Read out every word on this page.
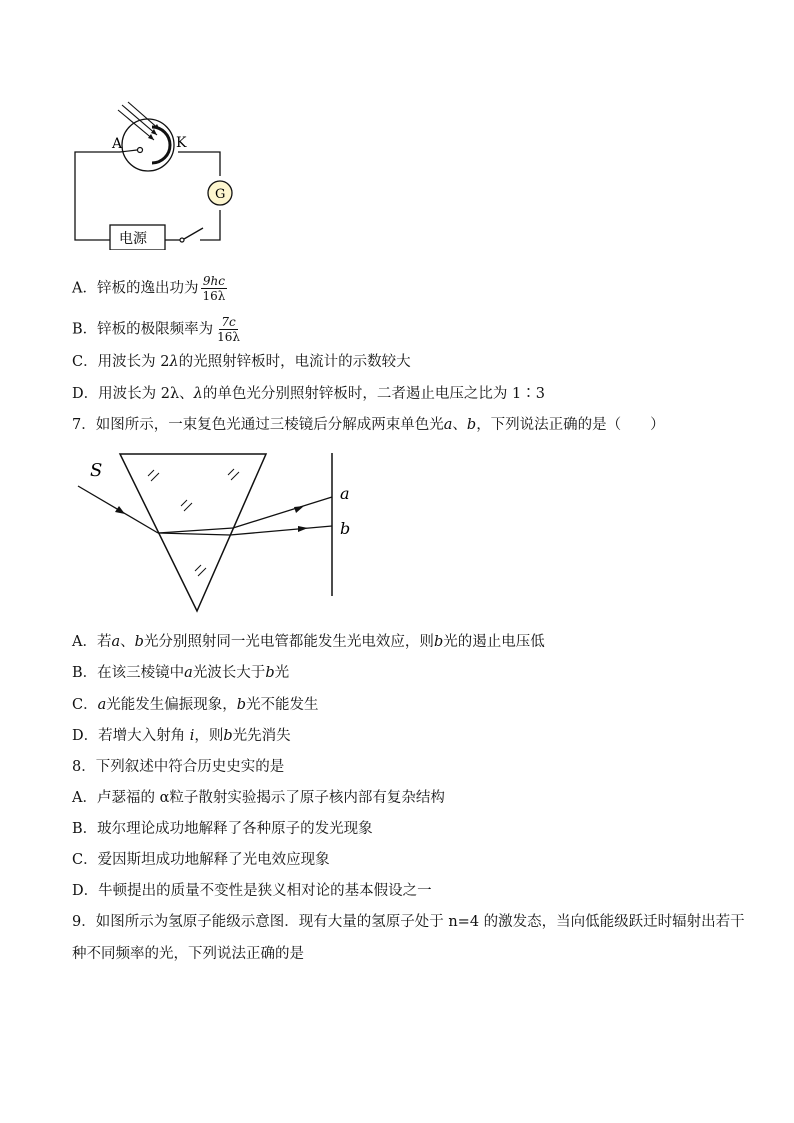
A	K
G
电源
A．锌板的逸出功为 $\frac{9hc}{16\lambda}$
B．锌板的极限频率为 $\frac{7c}{16\lambda}$
C．用波长为 2λ的光照射锌板时，电流计的示数较大
D．用波长为 2λ、λ的单色光分别照射锌板时，二者遏止电压之比为 1∶3
7．如图所示，一束复色光通过三棱镜后分解成两束单色光a、b，下列说法正确的是（　　）
S
a
b
A．若a、b光分别照射同一光电管都能发生光电效应，则b光的遏止电压低
B．在该三棱镜中a光波长大于b光
C．a光能发生偏振现象，b光不能发生
D．若增大入射角 i，则b光先消失
8．下列叙述中符合历史史实的是
A．卢瑟福的 α粒子散射实验揭示了原子核内部有复杂结构
B．玻尔理论成功地解释了各种原子的发光现象
C．爱因斯坦成功地解释了光电效应现象
D．牛顿提出的质量不变性是狭义相对论的基本假设之一
9．如图所示为氢原子能级示意图．现有大量的氢原子处于 n=4 的激发态，当向低能级跃迁时辐射出若干
种不同频率的光，下列说法正确的是
